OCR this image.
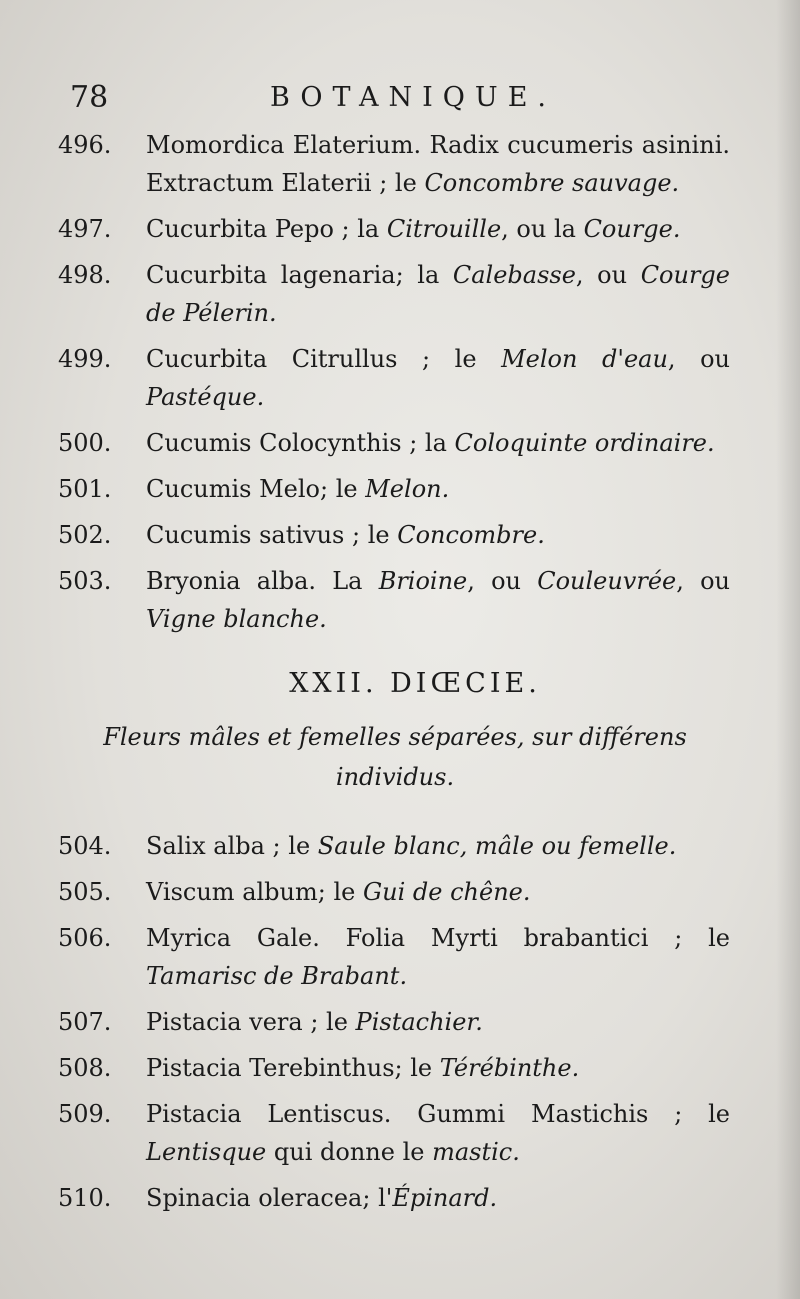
78	BOTANIQUE.
496. Momordica Elaterium. Radix cucumeris asinini. Extractum Elaterii ; le Concombre sauvage.
497. Cucurbita Pepo ; la Citrouille, ou la Courge.
498. Cucurbita lagenaria; la Calebasse, ou Courge de Pélerin.
499. Cucurbita Citrullus ; le Melon d'eau, ou Pastéque.
500. Cucumis Colocynthis ; la Coloquinte ordinaire.
501. Cucumis Melo; le Melon.
502. Cucumis sativus ; le Concombre.
503. Bryonia alba. La Brioine, ou Couleuvrée, ou Vigne blanche.
XXII. DIŒCIE.
Fleurs mâles et femelles séparées, sur différens individus.
504. Salix alba ; le Saule blanc, mâle ou femelle.
505. Viscum album; le Gui de chêne.
506. Myrica Gale. Folia Myrti brabantici ; le Tamarisc de Brabant.
507. Pistacia vera ; le Pistachier.
508. Pistacia Terebinthus; le Térébinthe.
509. Pistacia Lentiscus. Gummi Mastichis ; le Lentisque qui donne le mastic.
510. Spinacia oleracea; l'Épinard.
